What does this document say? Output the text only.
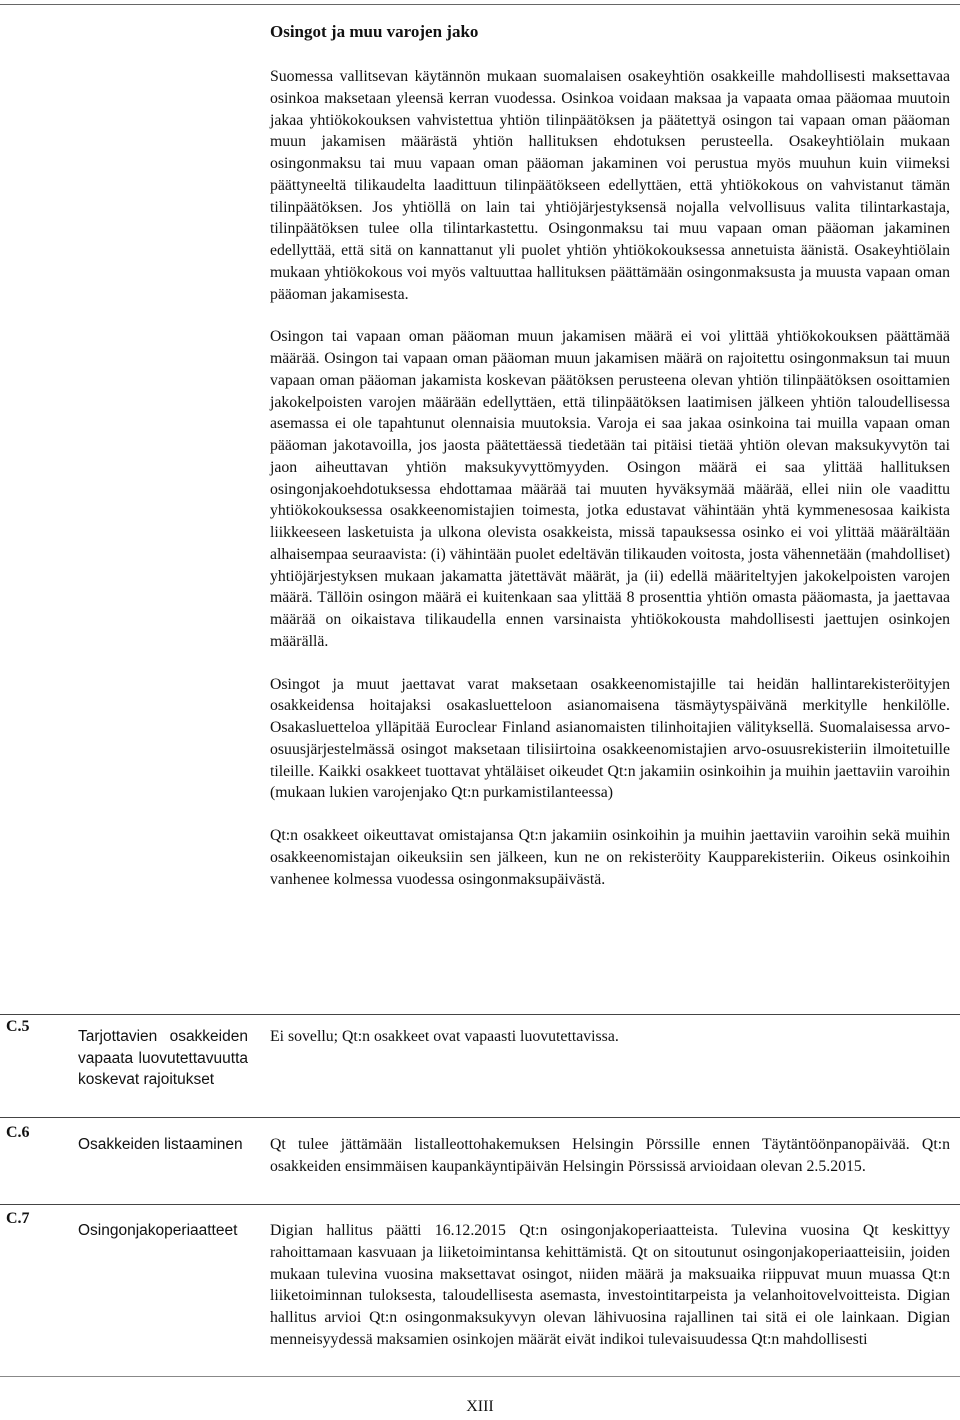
Osingot ja muu varojen jako

Suomessa vallitsevan käytännön mukaan suomalaisen osakeyhtiön osakkeille mahdollisesti maksettavaa osinkoa maksetaan yleensä kerran vuodessa. Osinkoa voidaan maksaa ja vapaata omaa pääomaa muutoin jakaa yhtiökokouksen vahvistettua yhtiön tilinpäätöksen ja päätettyä osingon tai vapaan oman pääoman muun jakamisen määrästä yhtiön hallituksen ehdotuksen perusteella. Osakeyhtiölain mukaan osingonmaksu tai muu vapaan oman pääoman jakaminen voi perustua myös muuhun kuin viimeksi päättyneeltä tilikaudelta laadittuun tilinpäätökseen edellyttäen, että yhtiökokous on vahvistanut tämän tilinpäätöksen. Jos yhtiöllä on lain tai yhtiöjärjestyksensä nojalla velvollisuus valita tilintarkastaja, tilinpäätöksen tulee olla tilintarkastettu. Osingonmaksu tai muu vapaan oman pääoman jakaminen edellyttää, että sitä on kannattanut yli puolet yhtiön yhtiökokouksessa annetuista äänistä. Osakeyhtiölain mukaan yhtiökokous voi myös valtuuttaa hallituksen päättämään osingonmaksusta ja muusta vapaan oman pääoman jakamisesta.

Osingon tai vapaan oman pääoman muun jakamisen määrä ei voi ylittää yhtiökokouksen päättämää määrää. Osingon tai vapaan oman pääoman muun jakamisen määrä on rajoitettu osingonmaksun tai muun vapaan oman pääoman jakamista koskevan päätöksen perusteena olevan yhtiön tilinpäätöksen osoittamien jakokelpoisten varojen määrään edellyttäen, että tilinpäätöksen laatimisen jälkeen yhtiön taloudellisessa asemassa ei ole tapahtunut olennaisia muutoksia. Varoja ei saa jakaa osinkoina tai muilla vapaan oman pääoman jakotavoilla, jos jaosta päätettäessä tiedetään tai pitäisi tietää yhtiön olevan maksukyvytön tai jaon aiheuttavan yhtiön maksukyvyttömyyden. Osingon määrä ei saa ylittää hallituksen osingonjakoehdotuksessa ehdottamaa määrää tai muuten hyväksymää määrää, ellei niin ole vaadittu yhtiökokouksessa osakkeenomistajien toimesta, jotka edustavat vähintään yhtä kymmenesosaa kaikista liikkeeseen lasketuista ja ulkona olevista osakkeista, missä tapauksessa osinko ei voi ylittää määrältään alhaisempaa seuraavista: (i) vähintään puolet edeltävän tilikauden voitosta, josta vähennetään (mahdolliset) yhtiöjärjestyksen mukaan jakamatta jätettävät määrät, ja (ii) edellä määriteltyjen jakokelpoisten varojen määrä. Tällöin osingon määrä ei kuitenkaan saa ylittää 8 prosenttia yhtiön omasta pääomasta, ja jaettavaa määrää on oikaistava tilikaudella ennen varsinaista yhtiökokousta mahdollisesti jaettujen osinkojen määrällä.

Osingot ja muut jaettavat varat maksetaan osakkeenomistajille tai heidän hallintarekisteröityjen osakkeidensa hoitajaksi osakasluetteloon asianomaisena täsmäytyspäivänä merkitylle henkilölle. Osakasluetteloa ylläpitää Euroclear Finland asianomaisten tilinhoitajien välityksellä. Suomalaisessa arvo-osuusjärjestelmässä osingot maksetaan tilisiirtoina osakkeenomistajien arvo-osuusrekisteriin ilmoitetuille tileille. Kaikki osakkeet tuottavat yhtäläiset oikeudet Qt:n jakamiin osinkoihin ja muihin jaettaviin varoihin (mukaan lukien varojenjako Qt:n purkamistilanteessa)

Qt:n osakkeet oikeuttavat omistajansa Qt:n jakamiin osinkoihin ja muihin jaettaviin varoihin sekä muihin osakkeenomistajan oikeuksiin sen jälkeen, kun ne on rekisteröity Kaupparekisteriin. Oikeus osinkoihin vanhenee kolmessa vuodessa osingonmaksupäivästä.

C.5
Tarjottavien osakkeiden vapaata luovutettavuutta koskevat rajoitukset
Ei sovellu; Qt:n osakkeet ovat vapaasti luovutettavissa.
C.6
Osakkeiden listaaminen	Qt tulee jättämään listalleottohakemuksen Helsingin Pörssille ennen Täytäntöönpanopäivää. Qt:n osakkeiden ensimmäisen kaupankäyntipäivän Helsingin Pörssissä arvioidaan olevan 2.5.2015.
C.7
Osingonjakoperiaatteet	Digian hallitus päätti 16.12.2015 Qt:n osingonjakoperiaatteista. Tulevina vuosina Qt keskittyy rahoittamaan kasvuaan ja liiketoimintansa kehittämistä. Qt on sitoutunut osingonjakoperiaatteisiin, joiden mukaan tulevina vuosina maksettavat osingot, niiden määrä ja maksuaika riippuvat muun muassa Qt:n liiketoiminnan tuloksesta, taloudellisesta asemasta, investointitarpeista ja velanhoitovelvoitteista. Digian hallitus arvioi Qt:n osingonmaksukyvyn olevan lähivuosina rajallinen tai sitä ei ole lainkaan. Digian menneisyydessä maksamien osinkojen määrät eivät indikoi tulevaisuudessa Qt:n mahdollisesti
XIII
